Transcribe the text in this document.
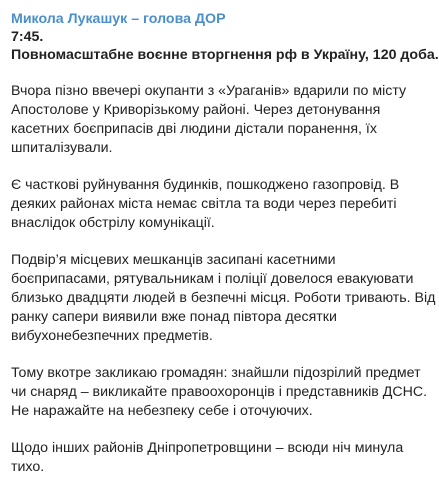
Микола Лукашук – голова ДОР
7:45.
Повномасштабне воєнне вторгнення рф в Україну, 120 доба.
Вчора пізно ввечері окупанти з «Ураганів» вдарили по місту
Апостолове у Криворізькому районі. Через детонування
касетних боєприпасів дві людини дістали поранення, їх
шпиталізували.
Є часткові руйнування будинків, пошкоджено газопровід. В
деяких районах міста немає світла та води через перебиті
внаслідок обстрілу комунікації.
Подвір’я місцевих мешканців засипані касетними
боєприпасами, рятувальникам і поліції довелося евакуювати
близько двадцяти людей в безпечні місця. Роботи тривають. Від
ранку сапери виявили вже понад півтора десятки
вибухонебезпечних предметів.
Тому вкотре закликаю громадян: знайшли підозрілий предмет
чи снаряд – викликайте правоохоронців і представників ДСНС.
Не наражайте на небезпеку себе і оточуючих.
Щодо інших районів Дніпропетровщини – всюди ніч минула
тихо.
